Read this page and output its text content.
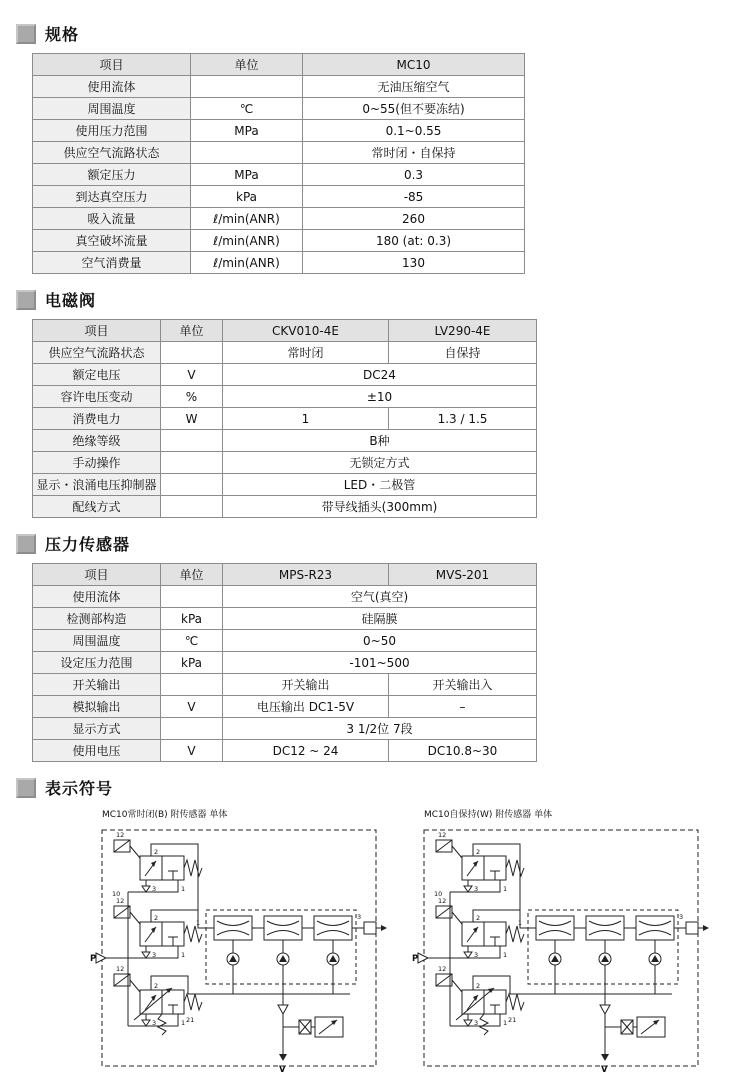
规格
项目	单位	MC10
使用流体		无油压缩空气
周围温度	℃	0~55(但不要冻结)
使用压力范围	MPa	0.1~0.55
供应空气流路状态		常时闭・自保持
额定压力	MPa	0.3
到达真空压力	kPa	-85
吸入流量	ℓ/min(ANR)	260
真空破坏流量	ℓ/min(ANR)	180 (at: 0.3)
空气消费量	ℓ/min(ANR)	130
电磁阀
项目	单位	CKV010-4E	LV290-4E
供应空气流路状态		常时闭	自保持
额定电压	V	DC24	
容许电压变动	%	±10	
消费电力	W	1	1.3 / 1.5
绝缘等级		B种	
手动操作		无锁定方式	
显示・浪涌电压抑制器		LED・二极管	
配线方式		带导线插头(300mm)	
压力传感器
项目	单位	MPS-R23	MVS-201
使用流体		空气(真空)	
检测部构造	kPa	硅隔膜	
周围温度	℃	0~50	
设定压力范围	kPa	-101~500	
开关输出		开关输出	开关输出入
模拟输出	V	电压输出 DC1-5V	–
显示方式		3 1/2位 7段	
使用电压	V	DC12 ~ 24	DC10.8~30
表示符号
MC10常时闭(B) 附传感器 单体
12
3	1
2
12
3	1
2
12
3	1
2
P
V
10
1
3
21
MC10自保持(W) 附传感器 单体
12
3	1
2
12
3	1
2
12
3	1
2
P
V
10
1
3
21
